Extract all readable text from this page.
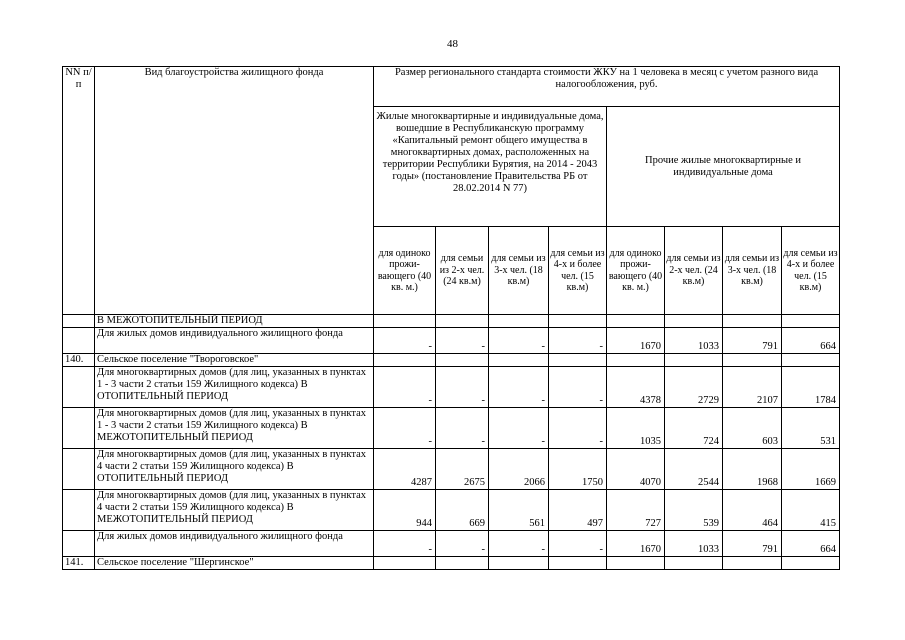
48
NN п/п	Вид благоустройства жилищного фонда	Размер регионального стандарта стоимости ЖКУ на 1 человека в месяц с учетом разного вида налогообложения, руб.							
		Жилые многоквартирные и индивидуальные дома, вошедшие в Республиканскую программу «Капитальный ремонт общего имущества в многоквартирных домах, расположенных на территории Республики Бурятия, на 2014 - 2043 годы» (постановление Правительства РБ от 28.02.2014 N 77)				Прочие жилые многоквартирные и индивидуальные дома			
		для одиноко прожи-вающего (40 кв. м.)	для семьи из 2-х чел. (24 кв.м)	для семьи из 3-х чел. (18 кв.м)	для семьи из 4-х и более чел. (15 кв.м)	для одиноко прожи-вающего (40 кв. м.)	для семьи из 2-х чел. (24 кв.м)	для семьи из 3-х чел. (18 кв.м)	для семьи из 4-х и более чел. (15 кв.м)
	В МЕЖОТОПИТЕЛЬНЫЙ ПЕРИОД								
	Для жилых домов индивидуального жилищного фонда	-	-	-	-	1670	1033	791	664
140.	Сельское поселение "Твороговское"								
	Для многоквартирных домов (для лиц, указанных в пунктах 1 - 3 части 2 статьи 159 Жилищного кодекса) В ОТОПИТЕЛЬНЫЙ ПЕРИОД	-	-	-	-	4378	2729	2107	1784
	Для многоквартирных домов (для лиц, указанных в пунктах 1 - 3 части 2 статьи 159 Жилищного кодекса) В МЕЖОТОПИТЕЛЬНЫЙ ПЕРИОД	-	-	-	-	1035	724	603	531
	Для многоквартирных домов (для лиц, указанных в пунктах 4 части 2 статьи 159 Жилищного кодекса) В ОТОПИТЕЛЬНЫЙ ПЕРИОД	4287	2675	2066	1750	4070	2544	1968	1669
	Для многоквартирных домов (для лиц, указанных в пунктах 4 части 2 статьи 159 Жилищного кодекса) В МЕЖОТОПИТЕЛЬНЫЙ ПЕРИОД	944	669	561	497	727	539	464	415
	Для жилых домов индивидуального жилищного фонда	-	-	-	-	1670	1033	791	664
141.	Сельское поселение "Шергинское"								
